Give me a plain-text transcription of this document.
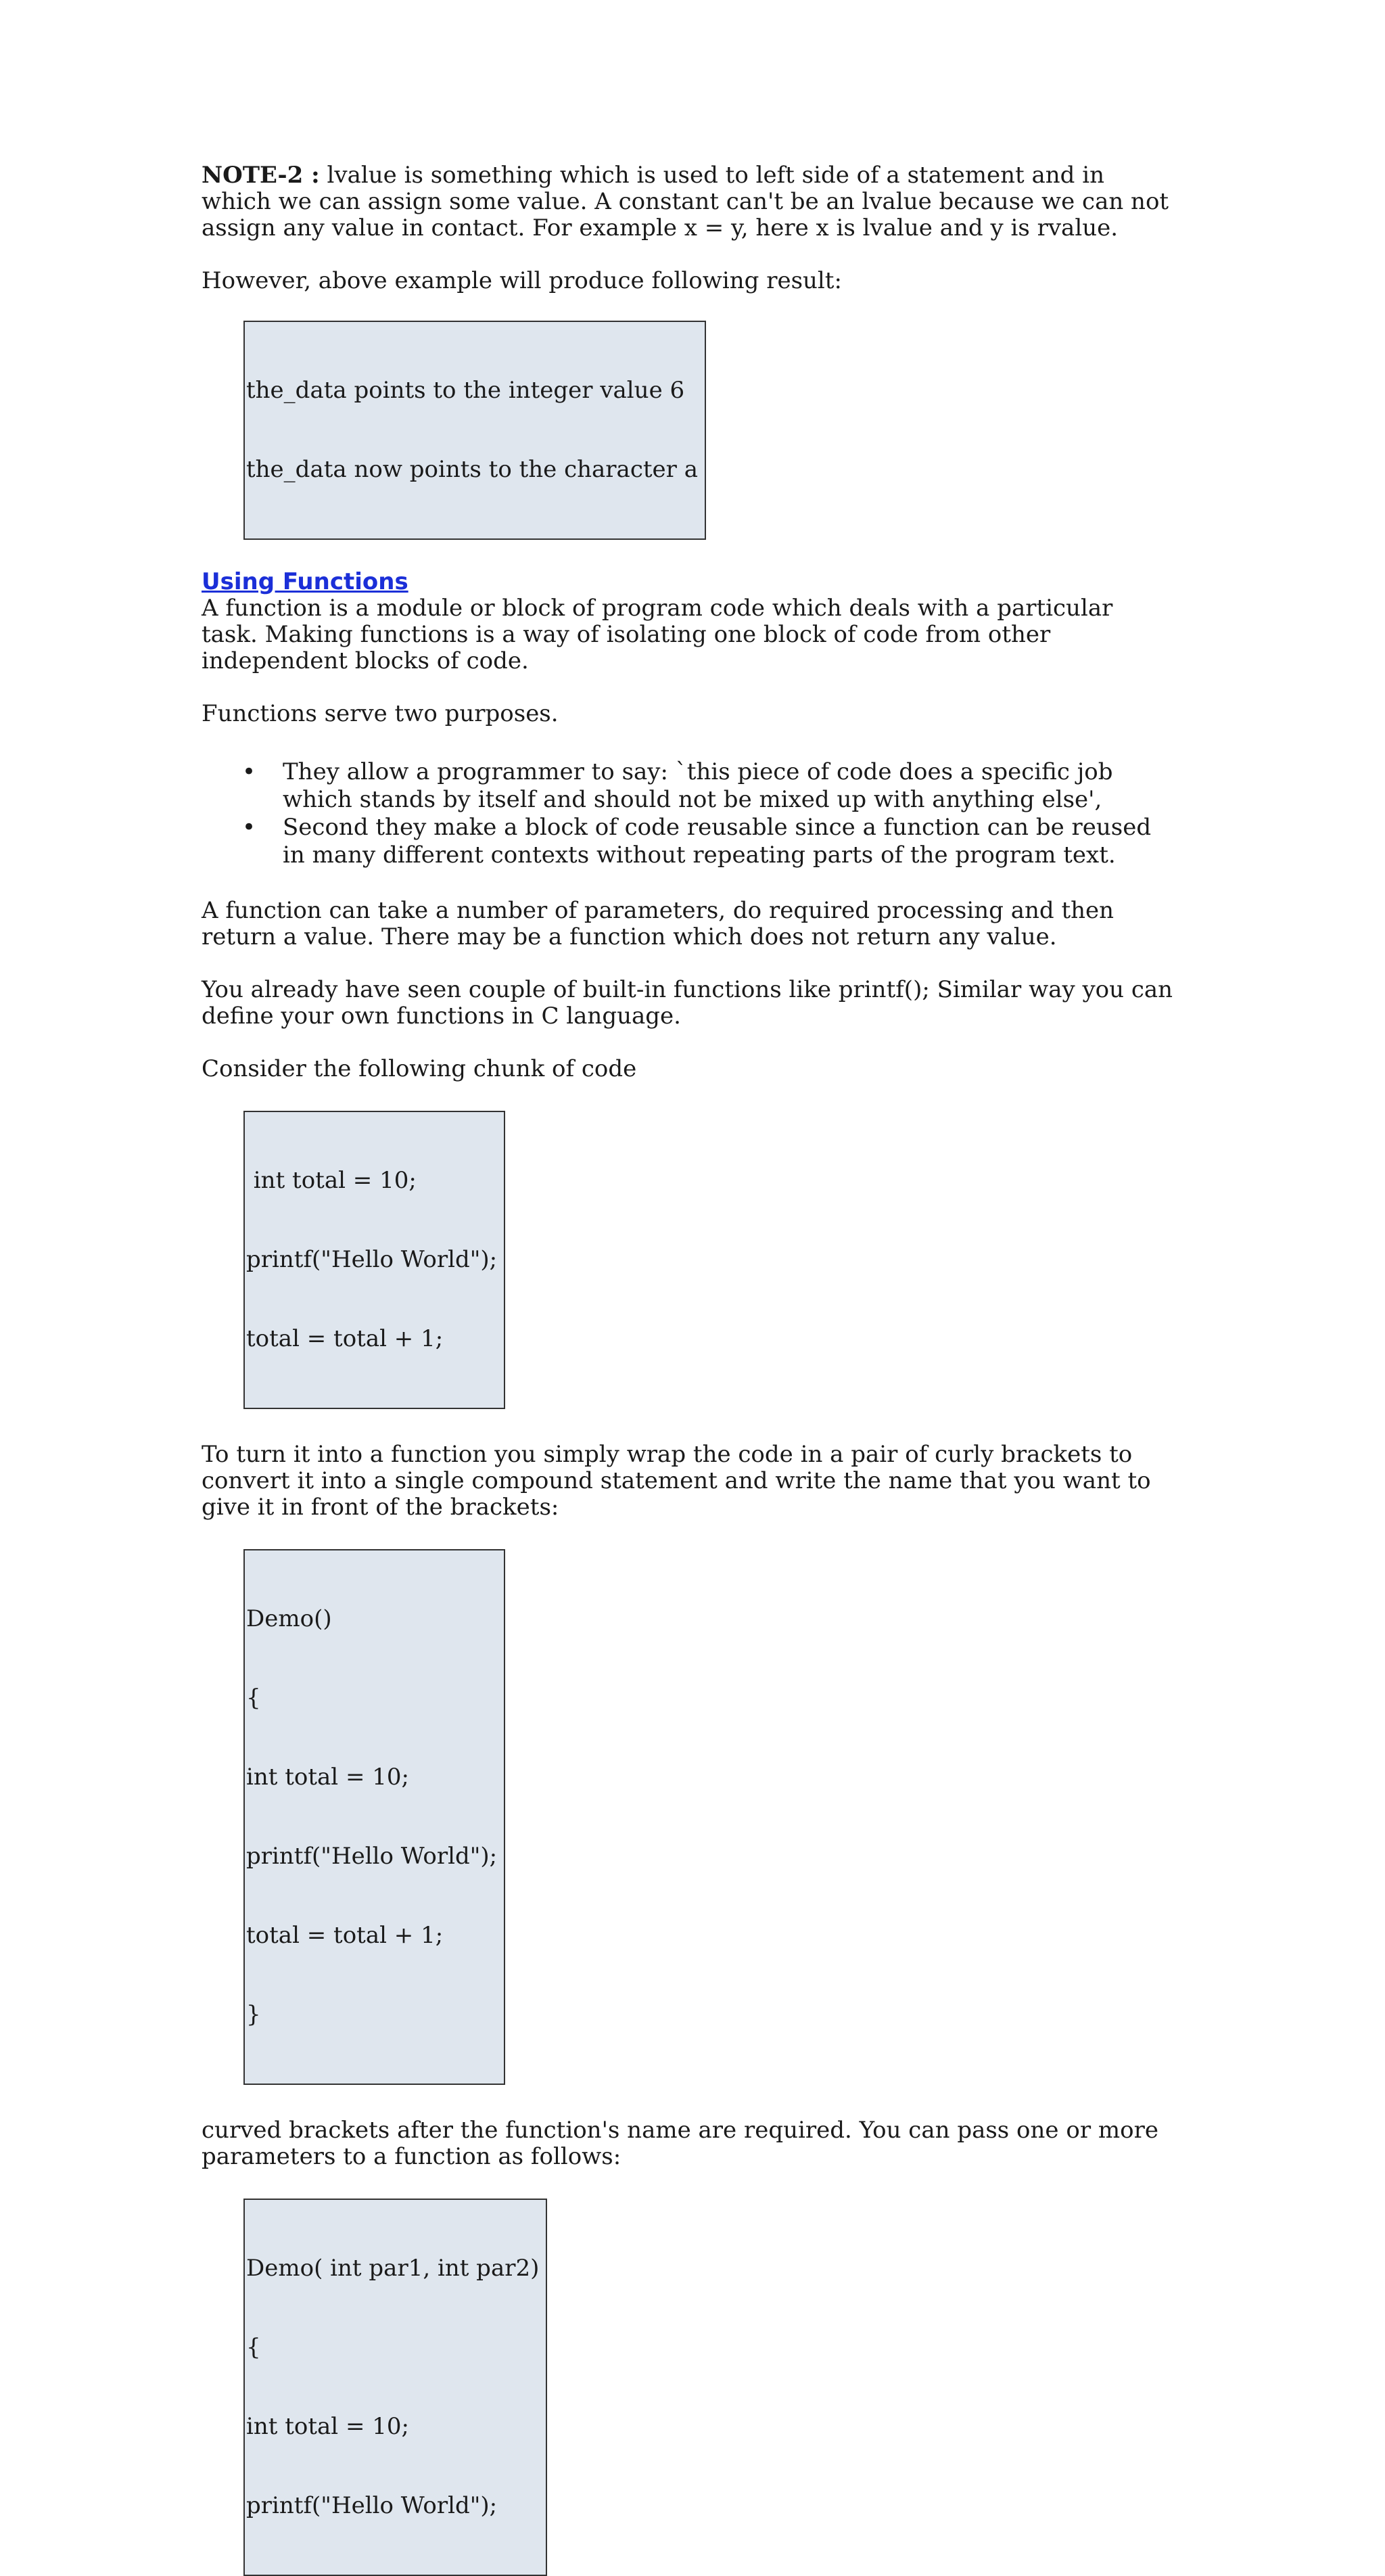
NOTE-2 : lvalue is something which is used to left side of a statement and in which we can assign some value. A constant can't be an lvalue because we can not assign any value in contact. For example x = y, here x is lvalue and y is rvalue.

However, above example will produce following result:

the_data points to the integer value 6

the_data now points to the character a

Using Functions

A function is a module or block of program code which deals with a particular task. Making functions is a way of isolating one block of code from other independent blocks of code.

Functions serve two purposes.

• They allow a programmer to say: `this piece of code does a specific job which stands by itself and should not be mixed up with anything else',
• Second they make a block of code reusable since a function can be reused in many different contexts without repeating parts of the program text.

A function can take a number of parameters, do required processing and then return a value. There may be a function which does not return any value.

You already have seen couple of built-in functions like printf(); Similar way you can define your own functions in C language.

Consider the following chunk of code

int total = 10;

printf("Hello World");

total = total + 1;

To turn it into a function you simply wrap the code in a pair of curly brackets to convert it into a single compound statement and write the name that you want to give it in front of the brackets:

Demo()

{

int total = 10;

printf("Hello World");

total = total + 1;

}

curved brackets after the function's name are required. You can pass one or more parameters to a function as follows:

Demo( int par1, int par2)

{

int total = 10;

printf("Hello World");
